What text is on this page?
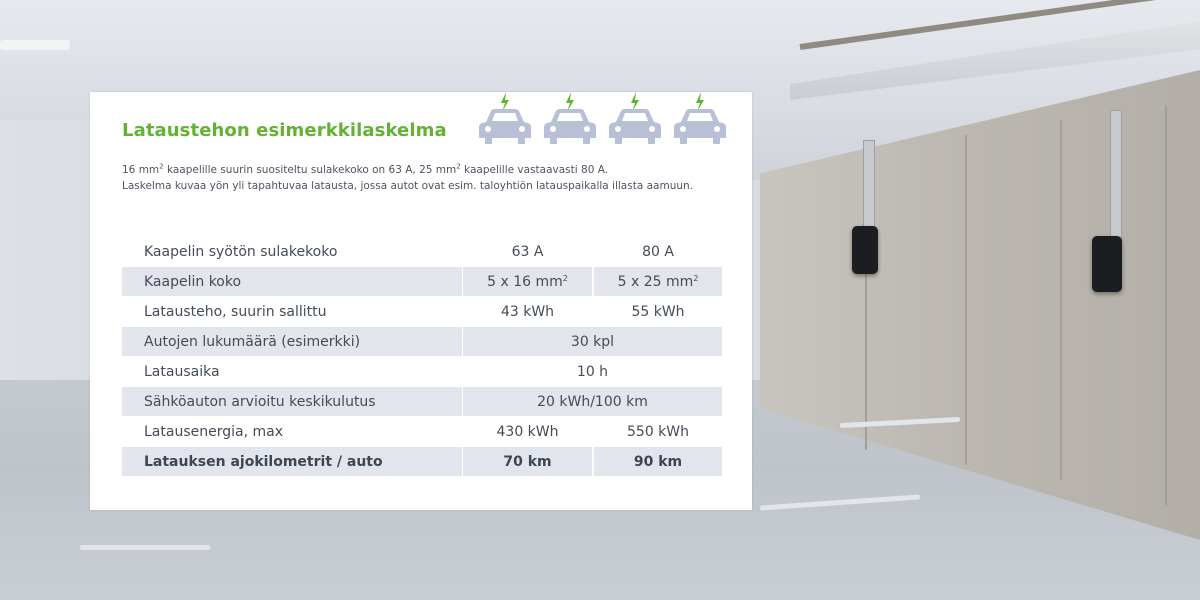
Lataustehon esimerkkilaskelma
16 $mm^2$ kaapelille suurin suositeltu sulakekoko on 63 A, 25 $mm^2$ kaapelille vastaavasti 80 A.
Laskelma kuvaa yön yli tapahtuvaa latausta, jossa autot ovat esim. taloyhtiön latauspaikalla illasta aamuun.
Kaapelin syötön sulakekoko	63 A	80 A
Kaapelin koko	5 x 16 $mm^2$	5 x 25 $mm^2$
Latausteho, suurin sallittu	43 kWh	55 kWh
Autojen lukumäärä (esimerkki)	30 kpl
Latausaika	10 h
Sähköauton arvioitu keskikulutus	20 kWh/100 km
Latausenergia, max	430 kWh	550 kWh
Latauksen ajokilometrit / auto	70 km	90 km
